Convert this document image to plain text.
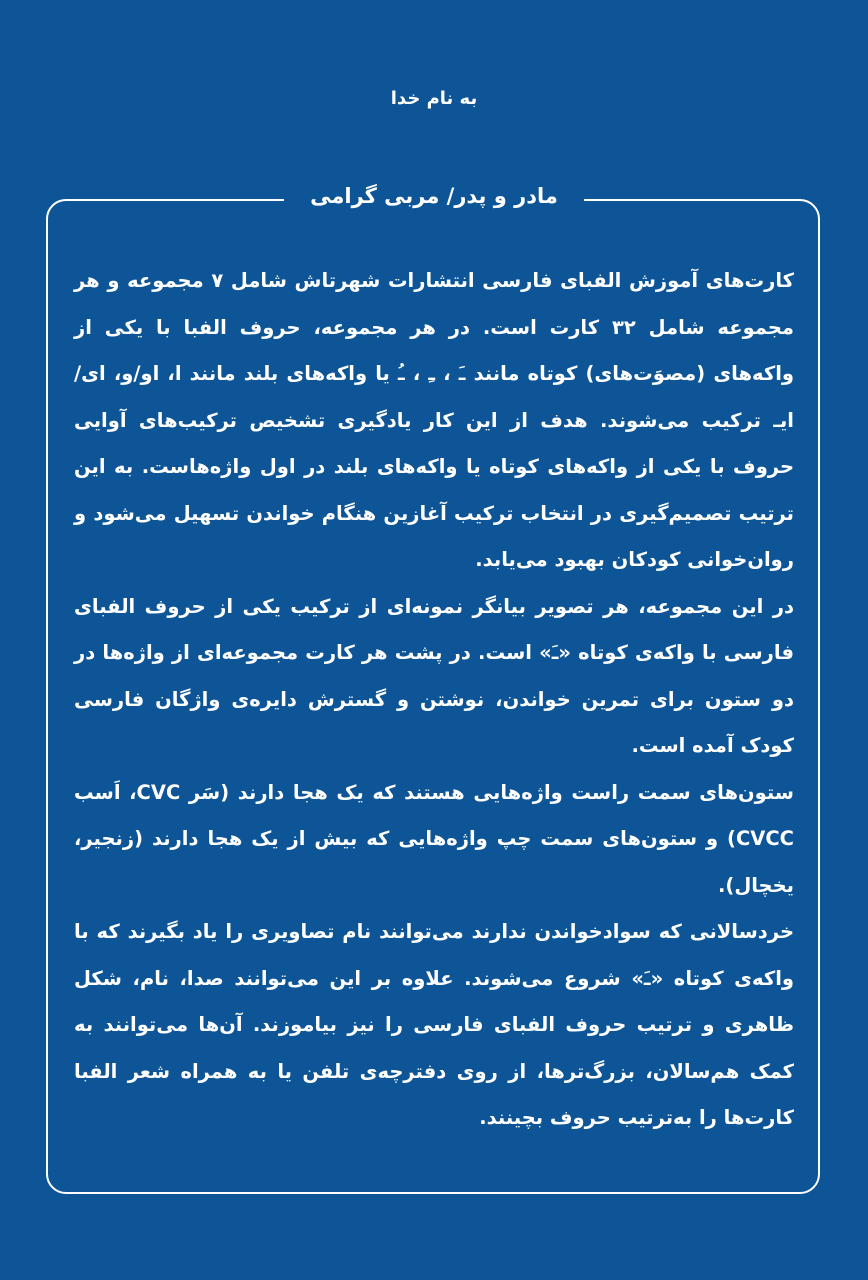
به نام خدا
مادر و پدر/ مربی گرامی

کارت‌های آموزش الفبای فارسی انتشارات شهرتاش شامل ۷ مجموعه و هر مجموعه شامل ۳۲ کارت است. در هر مجموعه، حروف الفبا با یکی از واکه‌های (مصوَت‌های) کوتاه مانند ـَ ، ـِ ، ـُ یا واکه‌های بلند مانند ا، او/و، ای/ایـ ترکیب می‌شوند. هدف از این کار یادگیری تشخیص ترکیب‌های آوایی حروف با یکی از واکه‌های کوتاه یا واکه‌های بلند در اول واژه‌هاست. به این ترتیب تصمیم‌گیری در انتخاب ترکیب آغازین هنگام خواندن تسهیل می‌شود و روان‌خوانی کودکان بهبود می‌یابد.

در این مجموعه، هر تصویر بیانگر نمونه‌ای از ترکیب یکی از حروف الفبای فارسی با واکه‌ی کوتاه «ـَ» است. در پشت هر کارت مجموعه‌ای از واژه‌ها در دو ستون برای تمرین خواندن، نوشتن و گسترش دایره‌ی واژگان فارسی کودک آمده است.

ستون‌های سمت راست واژه‌هایی هستند که یک هجا دارند (سَر CVC، اَسب CVCC) و ستون‌های سمت چپ واژه‌هایی که بیش از یک هجا دارند (زنجیر، یخچال).

خردسالانی که سوادخواندن ندارند می‌توانند نام تصاویری را یاد بگیرند که با واکه‌ی کوتاه «ـَ» شروع می‌شوند. علاوه بر این می‌توانند صدا، نام، شکل ظاهری و ترتیب حروف الفبای فارسی را نیز بیاموزند. آن‌ها می‌توانند به کمک هم‌سالان، بزرگ‌ترها، از روی دفترچه‌ی تلفن یا به همراه شعر الفبا کارت‌ها را به‌ترتیب حروف بچینند.
